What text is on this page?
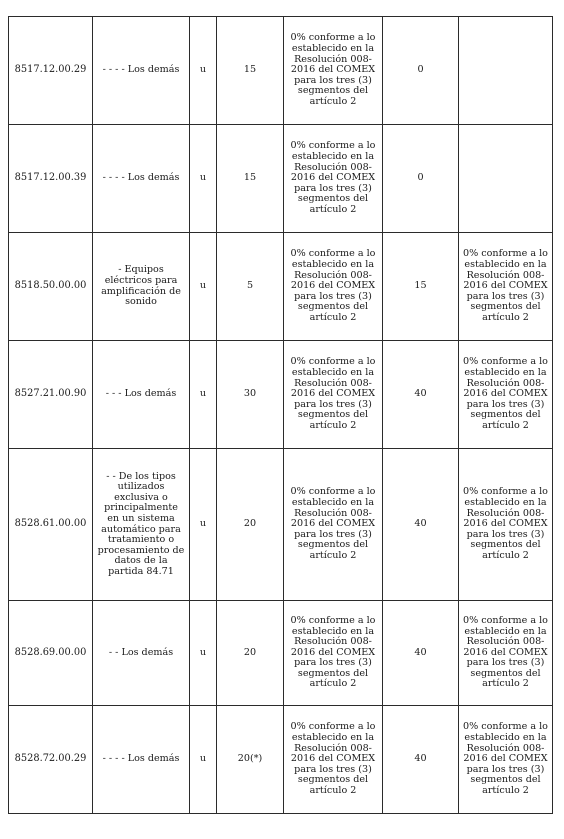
8517.12.00.29	- - - - Los demás	u	15	0% conforme a lo establecido en la Resolución 008-2016 del COMEX para los tres (3) segmentos del artículo 2	0	
8517.12.00.39	- - - - Los demás	u	15	0% conforme a lo establecido en la Resolución 008-2016 del COMEX para los tres (3) segmentos del artículo 2	0	
8518.50.00.00	- Equipos eléctricos para amplificación de sonido	u	5	0% conforme a lo establecido en la Resolución 008-2016 del COMEX para los tres (3) segmentos del artículo 2	15	0% conforme a lo establecido en la Resolución 008-2016 del COMEX para los tres (3) segmentos del artículo 2
8527.21.00.90	- - - Los demás	u	30	0% conforme a lo establecido en la Resolución 008-2016 del COMEX para los tres (3) segmentos del artículo 2	40	0% conforme a lo establecido en la Resolución 008-2016 del COMEX para los tres (3) segmentos del artículo 2
8528.61.00.00	- - De los tipos utilizados exclusiva o principalmente en un sistema automático para tratamiento o procesamiento de datos de la partida 84.71	u	20	0% conforme a lo establecido en la Resolución 008-2016 del COMEX para los tres (3) segmentos del artículo 2	40	0% conforme a lo establecido en la Resolución 008-2016 del COMEX para los tres (3) segmentos del artículo 2
8528.69.00.00	- - Los demás	u	20	0% conforme a lo establecido en la Resolución 008-2016 del COMEX para los tres (3) segmentos del artículo 2	40	0% conforme a lo establecido en la Resolución 008-2016 del COMEX para los tres (3) segmentos del artículo 2
8528.72.00.29	- - - - Los demás	u	20(*)	0% conforme a lo establecido en la Resolución 008-2016 del COMEX para los tres (3) segmentos del artículo 2	40	0% conforme a lo establecido en la Resolución 008-2016 del COMEX para los tres (3) segmentos del artículo 2
